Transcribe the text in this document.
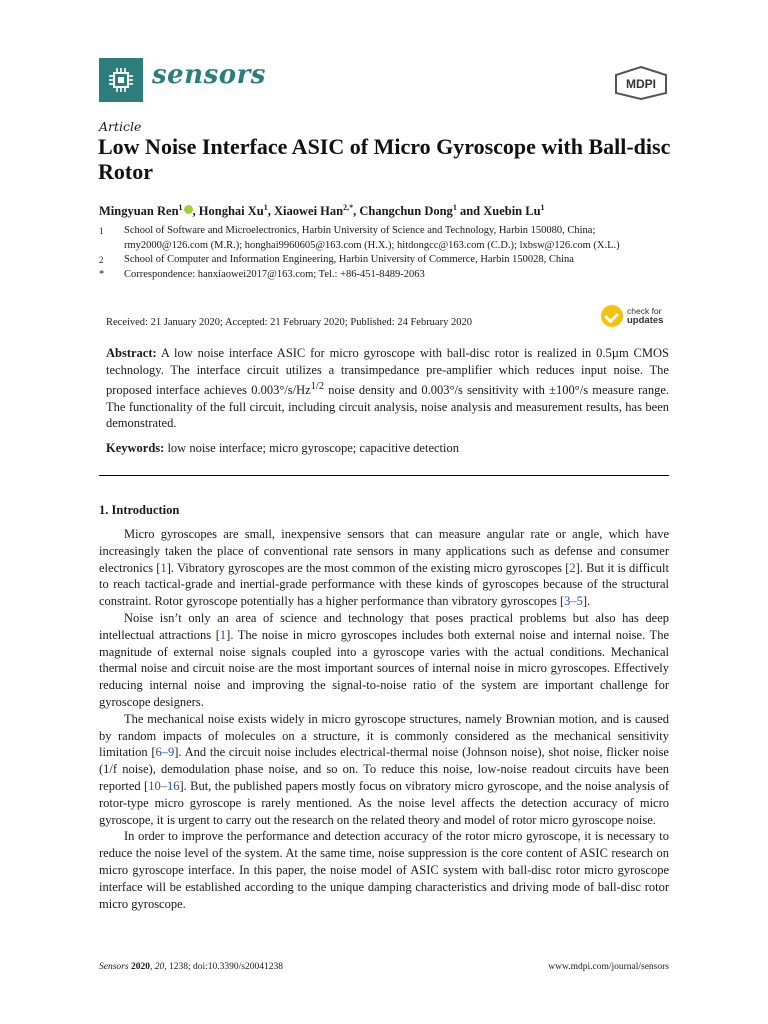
sensors	MDPI
Article
Low Noise Interface ASIC of Micro Gyroscope with Ball-disc Rotor
Mingyuan Ren$^1$ , Honghai Xu$^1$, Xiaowei Han$^{2,*}$, Changchun Dong$^1$ and Xuebin Lu$^1$
1	School of Software and Microelectronics, Harbin University of Science and Technology, Harbin 150080, China; rmy2000@126.com (M.R.); honghai9960605@163.com (H.X.); hitdongcc@163.com (C.D.); lxbsw@126.com (X.L.)
2	School of Computer and Information Engineering, Harbin University of Commerce, Harbin 150028, China
*	Correspondence: hanxiaowei2017@163.com; Tel.: +86-451-8489-2063
Received: 21 January 2020; Accepted: 21 February 2020; Published: 24 February 2020
check for
updates
Abstract: A low noise interface ASIC for micro gyroscope with ball-disc rotor is realized in 0.5µm CMOS technology. The interface circuit utilizes a transimpedance pre-amplifier which reduces input noise. The proposed interface achieves $0.003^\circ/s/Hz^{1/2}$ noise density and 0.003°/s sensitivity with ±100°/s measure range. The functionality of the full circuit, including circuit analysis, noise analysis and measurement results, has been demonstrated.
Keywords: low noise interface; micro gyroscope; capacitive detection
1. Introduction

Micro gyroscopes are small, inexpensive sensors that can measure angular rate or angle, which have increasingly taken the place of conventional rate sensors in many applications such as defense and consumer electronics [1]. Vibratory gyroscopes are the most common of the existing micro gyroscopes [2]. But it is difficult to reach tactical-grade and inertial-grade performance with these kinds of gyroscopes because of the structural constraint. Rotor gyroscope potentially has a higher performance than vibratory gyroscopes [3–5].

Noise isn’t only an area of science and technology that poses practical problems but also has deep intellectual attractions [1]. The noise in micro gyroscopes includes both external noise and internal noise. The magnitude of external noise signals coupled into a gyroscope varies with the actual conditions. Mechanical thermal noise and circuit noise are the most important sources of internal noise in micro gyroscopes. Effectively reducing internal noise and improving the signal-to-noise ratio of the system are important challenge for gyroscope designers.

The mechanical noise exists widely in micro gyroscope structures, namely Brownian motion, and is caused by random impacts of molecules on a structure, it is commonly considered as the mechanical sensitivity limitation [6–9]. And the circuit noise includes electrical-thermal noise (Johnson noise), shot noise, flicker noise (1/f noise), demodulation phase noise, and so on. To reduce this noise, low-noise readout circuits have been reported [10–16]. But, the published papers mostly focus on vibratory micro gyroscope, and the noise analysis of rotor-type micro gyroscope is rarely mentioned. As the noise level affects the detection accuracy of micro gyroscope, it is urgent to carry out the research on the related theory and model of rotor micro gyroscope noise.

In order to improve the performance and detection accuracy of the rotor micro gyroscope, it is necessary to reduce the noise level of the system. At the same time, noise suppression is the core content of ASIC research on micro gyroscope interface. In this paper, the noise model of ASIC system with ball-disc rotor micro gyroscope interface will be established according to the unique damping characteristics and driving mode of ball-disc rotor micro gyroscope.

Sensors 2020, 20, 1238; doi:10.3390/s20041238	www.mdpi.com/journal/sensors
